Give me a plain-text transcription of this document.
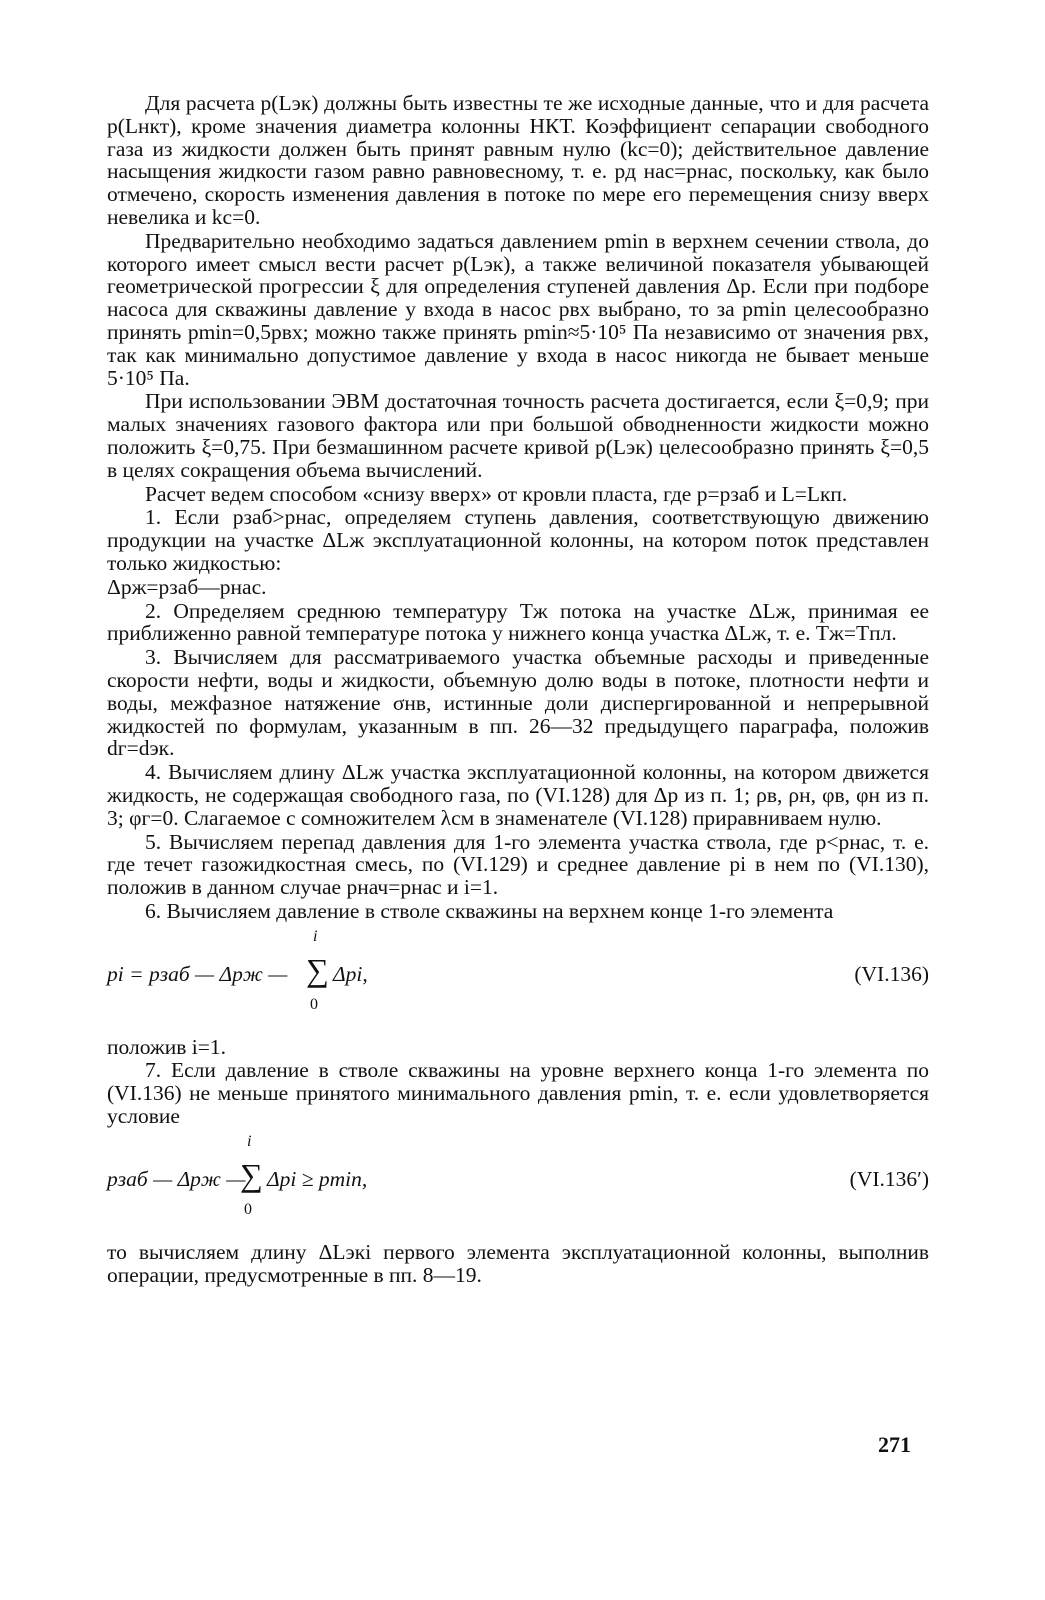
Для расчета p(Lэк) должны быть известны те же исходные данные, что и для расчета p(Lнкт), кроме значения диаметра колонны НКТ. Коэффициент сепарации свободного газа из жидкости должен быть принят равным нулю (kc=0); действительное давление насыщения жидкости газом равно равновесному, т. е. pд нас=pнас, поскольку, как было отмечено, скорость изменения давления в потоке по мере его перемещения снизу вверх невелика и kc=0.

Предварительно необходимо задаться давлением pmin в верхнем сечении ствола, до которого имеет смысл вести расчет p(Lэк), а также величиной показателя убывающей геометрической прогрессии ξ для определения ступеней давления Δp. Если при подборе насоса для скважины давление у входа в насос pвх выбрано, то за pmin целесообразно принять pmin=0,5pвх; можно также принять pmin≈5·10⁵ Па независимо от значения pвх, так как минимально допустимое давление у входа в насос никогда не бывает меньше 5·10⁵ Па.

При использовании ЭВМ достаточная точность расчета достигается, если ξ=0,9; при малых значениях газового фактора или при большой обводненности жидкости можно положить ξ=0,75. При безмашинном расчете кривой p(Lэк) целесообразно принять ξ=0,5 в целях сокращения объема вычислений.

Расчет ведем способом «снизу вверх» от кровли пласта, где p=pзаб и L=Lкп.

1. Если pзаб>pнас, определяем ступень давления, соответствующую движению продукции на участке ΔLж эксплуатационной колонны, на котором поток представлен только жидкостью:

Δpж=pзаб—pнас.

2. Определяем среднюю температуру Tж потока на участке ΔLж, принимая ее приближенно равной температуре потока у нижнего конца участка ΔLж, т. е. Tж=Tпл.

3. Вычисляем для рассматриваемого участка объемные расходы и приведенные скорости нефти, воды и жидкости, объемную долю воды в потоке, плотности нефти и воды, межфазное натяжение σнв, истинные доли диспергированной и непрерывной жидкостей по формулам, указанным в пп. 26—32 предыдущего параграфа, положив dг=dэк.

4. Вычисляем длину ΔLж участка эксплуатационной колонны, на котором движется жидкость, не содержащая свободного газа, по (VI.128) для Δp из п. 1; ρв, ρн, φв, φн из п. 3; φг=0. Слагаемое с сомножителем λсм в знаменателе (VI.128) приравниваем нулю.

5. Вычисляем перепад давления для 1-го элемента участка ствола, где p<pнас, т. е. где течет газожидкостная смесь, по (VI.129) и среднее давление pi в нем по (VI.130), положив в данном случае pнач=pнас и i=1.

6. Вычисляем давление в стволе скважины на верхнем конце 1-го элемента

pi = pзаб — Δpж —
i
∑
0
Δpi,	(VI.136)

положив i=1.

7. Если давление в стволе скважины на уровне верхнего конца 1-го элемента по (VI.136) не меньше принятого минимального давления pmin, т. е. если удовлетворяется условие

pзаб — Δpж —
i
∑
0
Δpi ≥ pmin,	(VI.136′)

то вычисляем длину ΔLэкi первого элемента эксплуатационной колонны, выполнив операции, предусмотренные в пп. 8—19.

271
